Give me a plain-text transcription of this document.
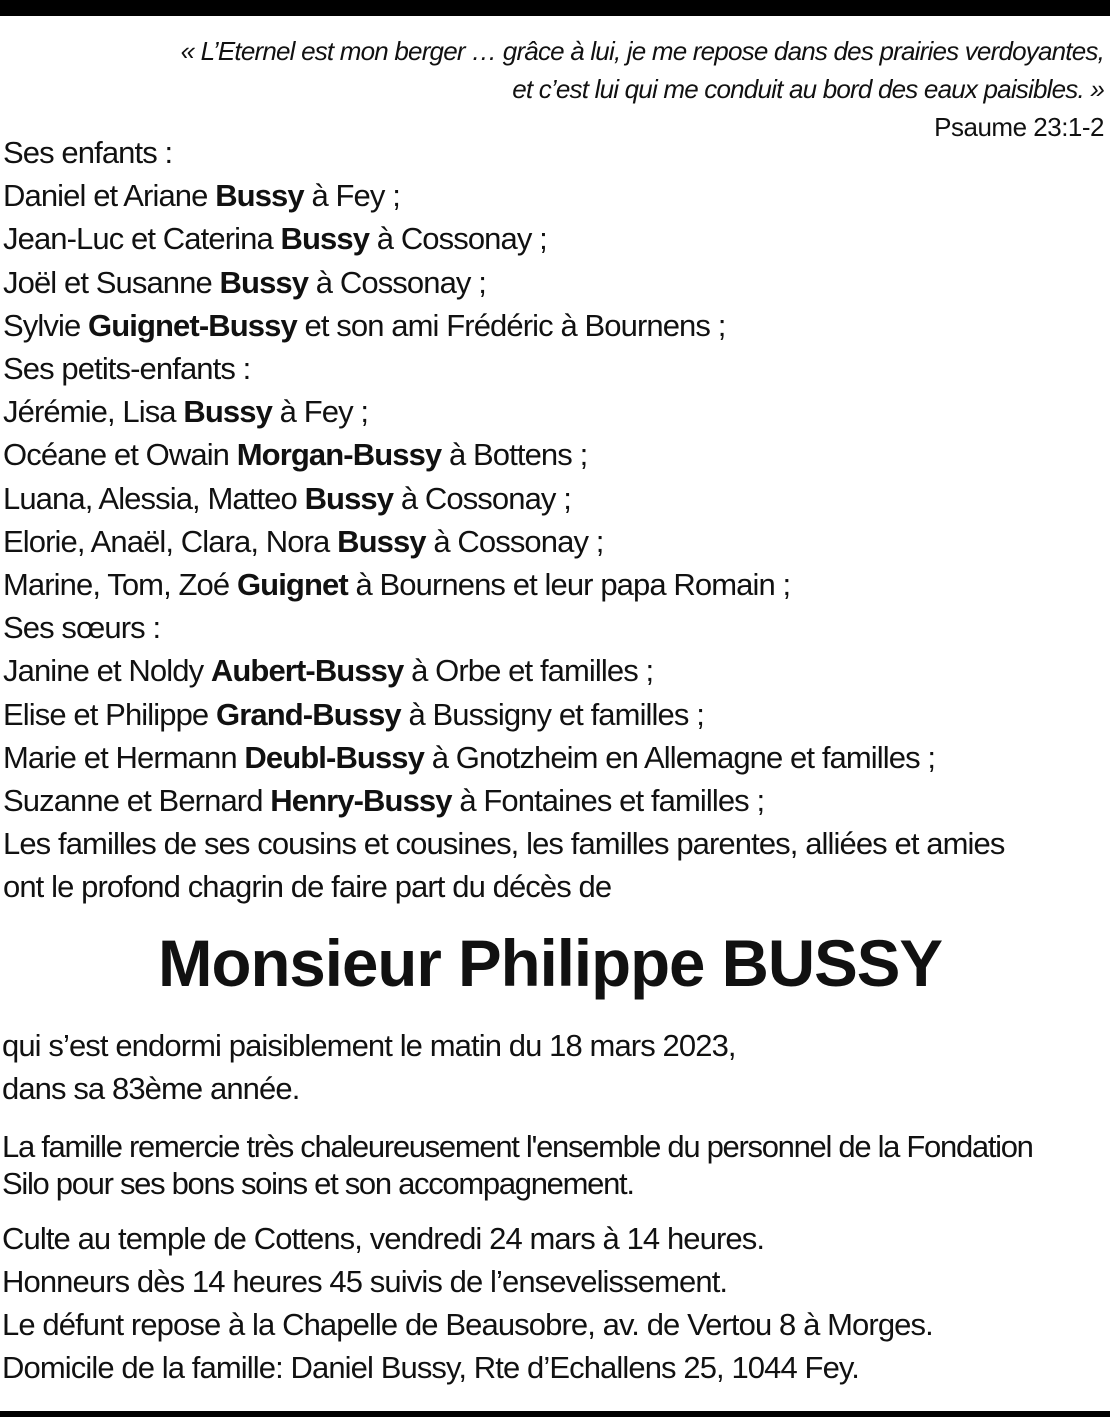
« L’Eternel est mon berger … grâce à lui, je me repose dans des prairies verdoyantes,
et c’est lui qui me conduit au bord des eaux paisibles. »
Psaume 23:1-2
Ses enfants :
Daniel et Ariane Bussy à Fey ;
Jean-Luc et Caterina Bussy à Cossonay ;
Joël et Susanne Bussy à Cossonay ;
Sylvie Guignet-Bussy et son ami Frédéric à Bournens ;
Ses petits-enfants :
Jérémie, Lisa Bussy à Fey ;
Océane et Owain Morgan-Bussy à Bottens ;
Luana, Alessia, Matteo Bussy à Cossonay ;
Elorie, Anaël, Clara, Nora Bussy à Cossonay ;
Marine, Tom, Zoé Guignet à Bournens et leur papa Romain ;
Ses sœurs :
Janine et Noldy Aubert-Bussy à Orbe et familles ;
Elise et Philippe Grand-Bussy à Bussigny et familles ;
Marie et Hermann Deubl-Bussy à Gnotzheim en Allemagne et familles ;
Suzanne et Bernard Henry-Bussy à Fontaines et familles ;
Les familles de ses cousins et cousines, les familles parentes, alliées et amies
ont le profond chagrin de faire part du décès de
Monsieur Philippe BUSSY
qui s’est endormi paisiblement le matin du 18 mars 2023,
dans sa 83ème année.
La famille remercie très chaleureusement l'ensemble du personnel de la Fondation
Silo pour ses bons soins et son accompagnement.
Culte au temple de Cottens, vendredi 24 mars à 14 heures.
Honneurs dès 14 heures 45 suivis de l’ensevelissement.
Le défunt repose à la Chapelle de Beausobre, av. de Vertou 8 à Morges.
Domicile de la famille: Daniel Bussy, Rte d’Echallens 25, 1044 Fey.
